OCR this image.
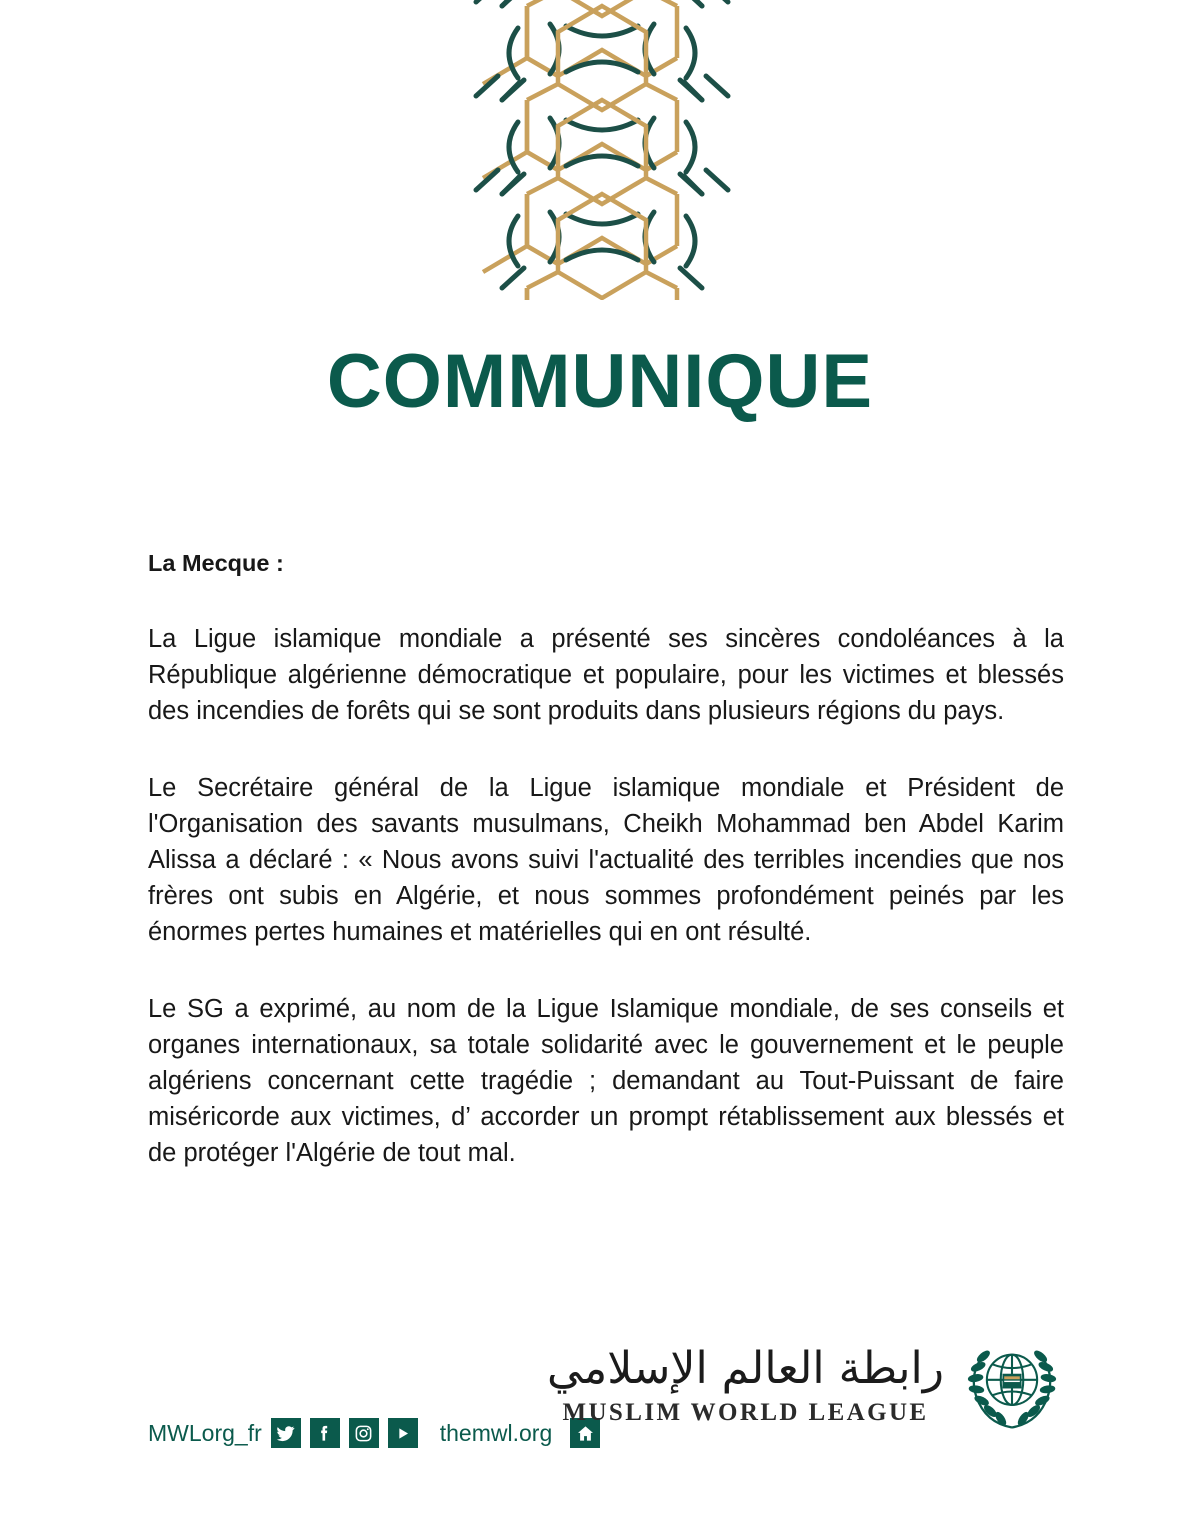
COMMUNIQUE

La Mecque :

La Ligue islamique mondiale a présenté ses sincères condoléances à la République algérienne démocratique et populaire, pour les victimes et blessés des incendies de forêts qui se sont produits dans plusieurs régions du pays.

Le Secrétaire général de la Ligue islamique mondiale et Président de l'Organisation des savants musulmans, Cheikh Mohammad ben Abdel Karim Alissa a déclaré : « Nous avons suivi l'actualité des terribles incendies que nos frères ont subis en Algérie, et nous sommes profondément peinés par les énormes pertes humaines et matérielles qui en ont résulté.

Le SG a exprimé, au nom de la Ligue Islamique mondiale, de ses conseils et organes internationaux, sa totale solidarité avec le gouvernement et le peuple algériens concernant cette tragédie ; demandant au Tout-Puissant de faire miséricorde aux victimes, d’ accorder un prompt rétablissement aux blessés et de protéger l'Algérie de tout mal.

MWLorg_fr	themwl.org
رابطة العالم الإسلامي
MUSLIM WORLD LEAGUE
